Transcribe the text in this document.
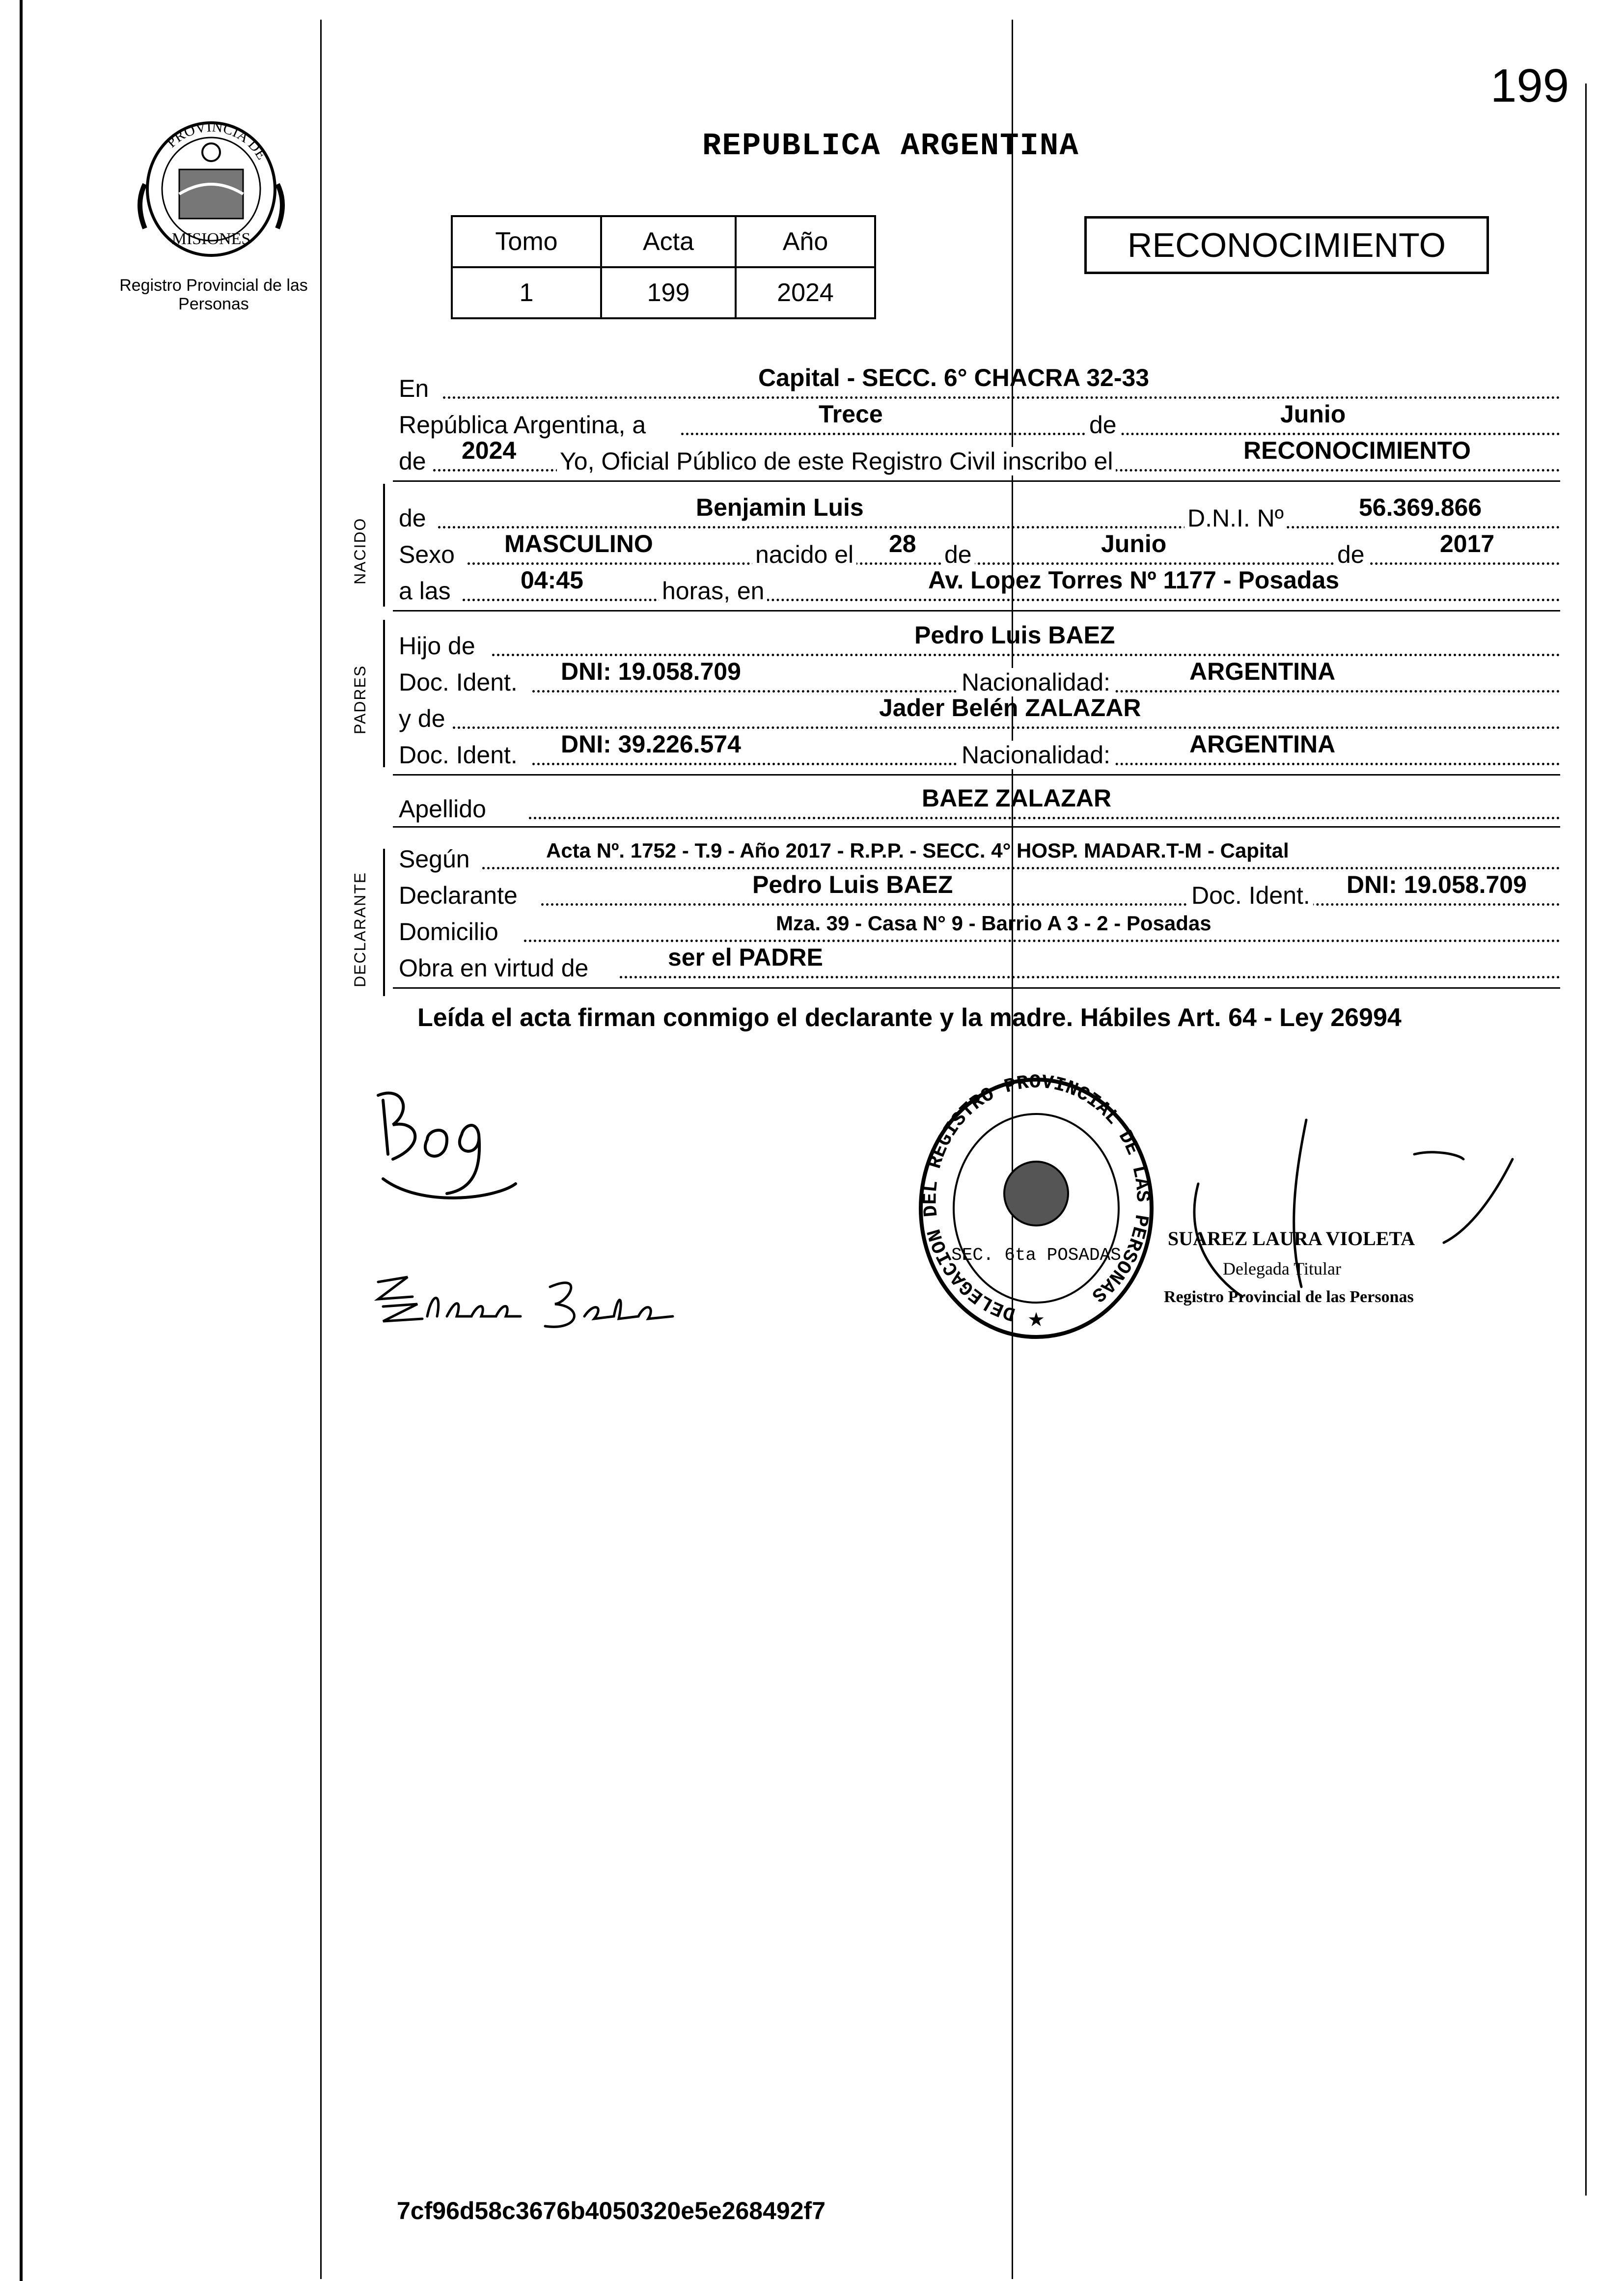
199
PROVINCIA DE
MISIONES
Registro Provincial de las Personas
REPUBLICA ARGENTINA
Tomo	Acta	Año
1	199	2024
RECONOCIMIENTO
En	Capital - SECC. 6° CHACRA 32-33
República Argentina, a	Trece	de	Junio
de 2024 Yo, Oficial Público de este Registro Civil inscribo el	RECONOCIMIENTO
NACIDO de	Benjamin Luis	D.N.I. Nº	56.369.866
Sexo MASCULINO	nacido el 28 de	Junio	de	2017
a las	04:45	horas, en	Av. Lopez Torres Nº 1177 - Posadas
PADRES
Hijo de	Pedro Luis BAEZ
Doc. Ident. DNI: 19.058.709	Nacionalidad:	ARGENTINA
y de	Jader Belén ZALAZAR
Doc. Ident. DNI: 39.226.574	Nacionalidad:	ARGENTINA
Apellido	BAEZ ZALAZAR
DECLARANTE
Según	Acta Nº. 1752 - T.9 - Año 2017 - R.P.P. - SECC. 4° HOSP. MADAR.T-M - Capital
Declarante	Pedro Luis BAEZ	Doc. Ident. DNI: 19.058.709
Domicilio	Mza. 39 - Casa N° 9 - Barrio A 3 - 2 - Posadas
Obra en virtud de	ser el PADRE
Leída el acta firman conmigo el declarante y la madre. Hábiles Art. 64 - Ley 26994
DELEGACION DEL REGISTRO PROVINCIAL DE LAS PERSONAS
SEC. 6ta POSADAS
★
SUAREZ LAURA VIOLETA
Delegada Titular
Registro Provincial de las Personas
7cf96d58c3676b4050320e5e268492f7
